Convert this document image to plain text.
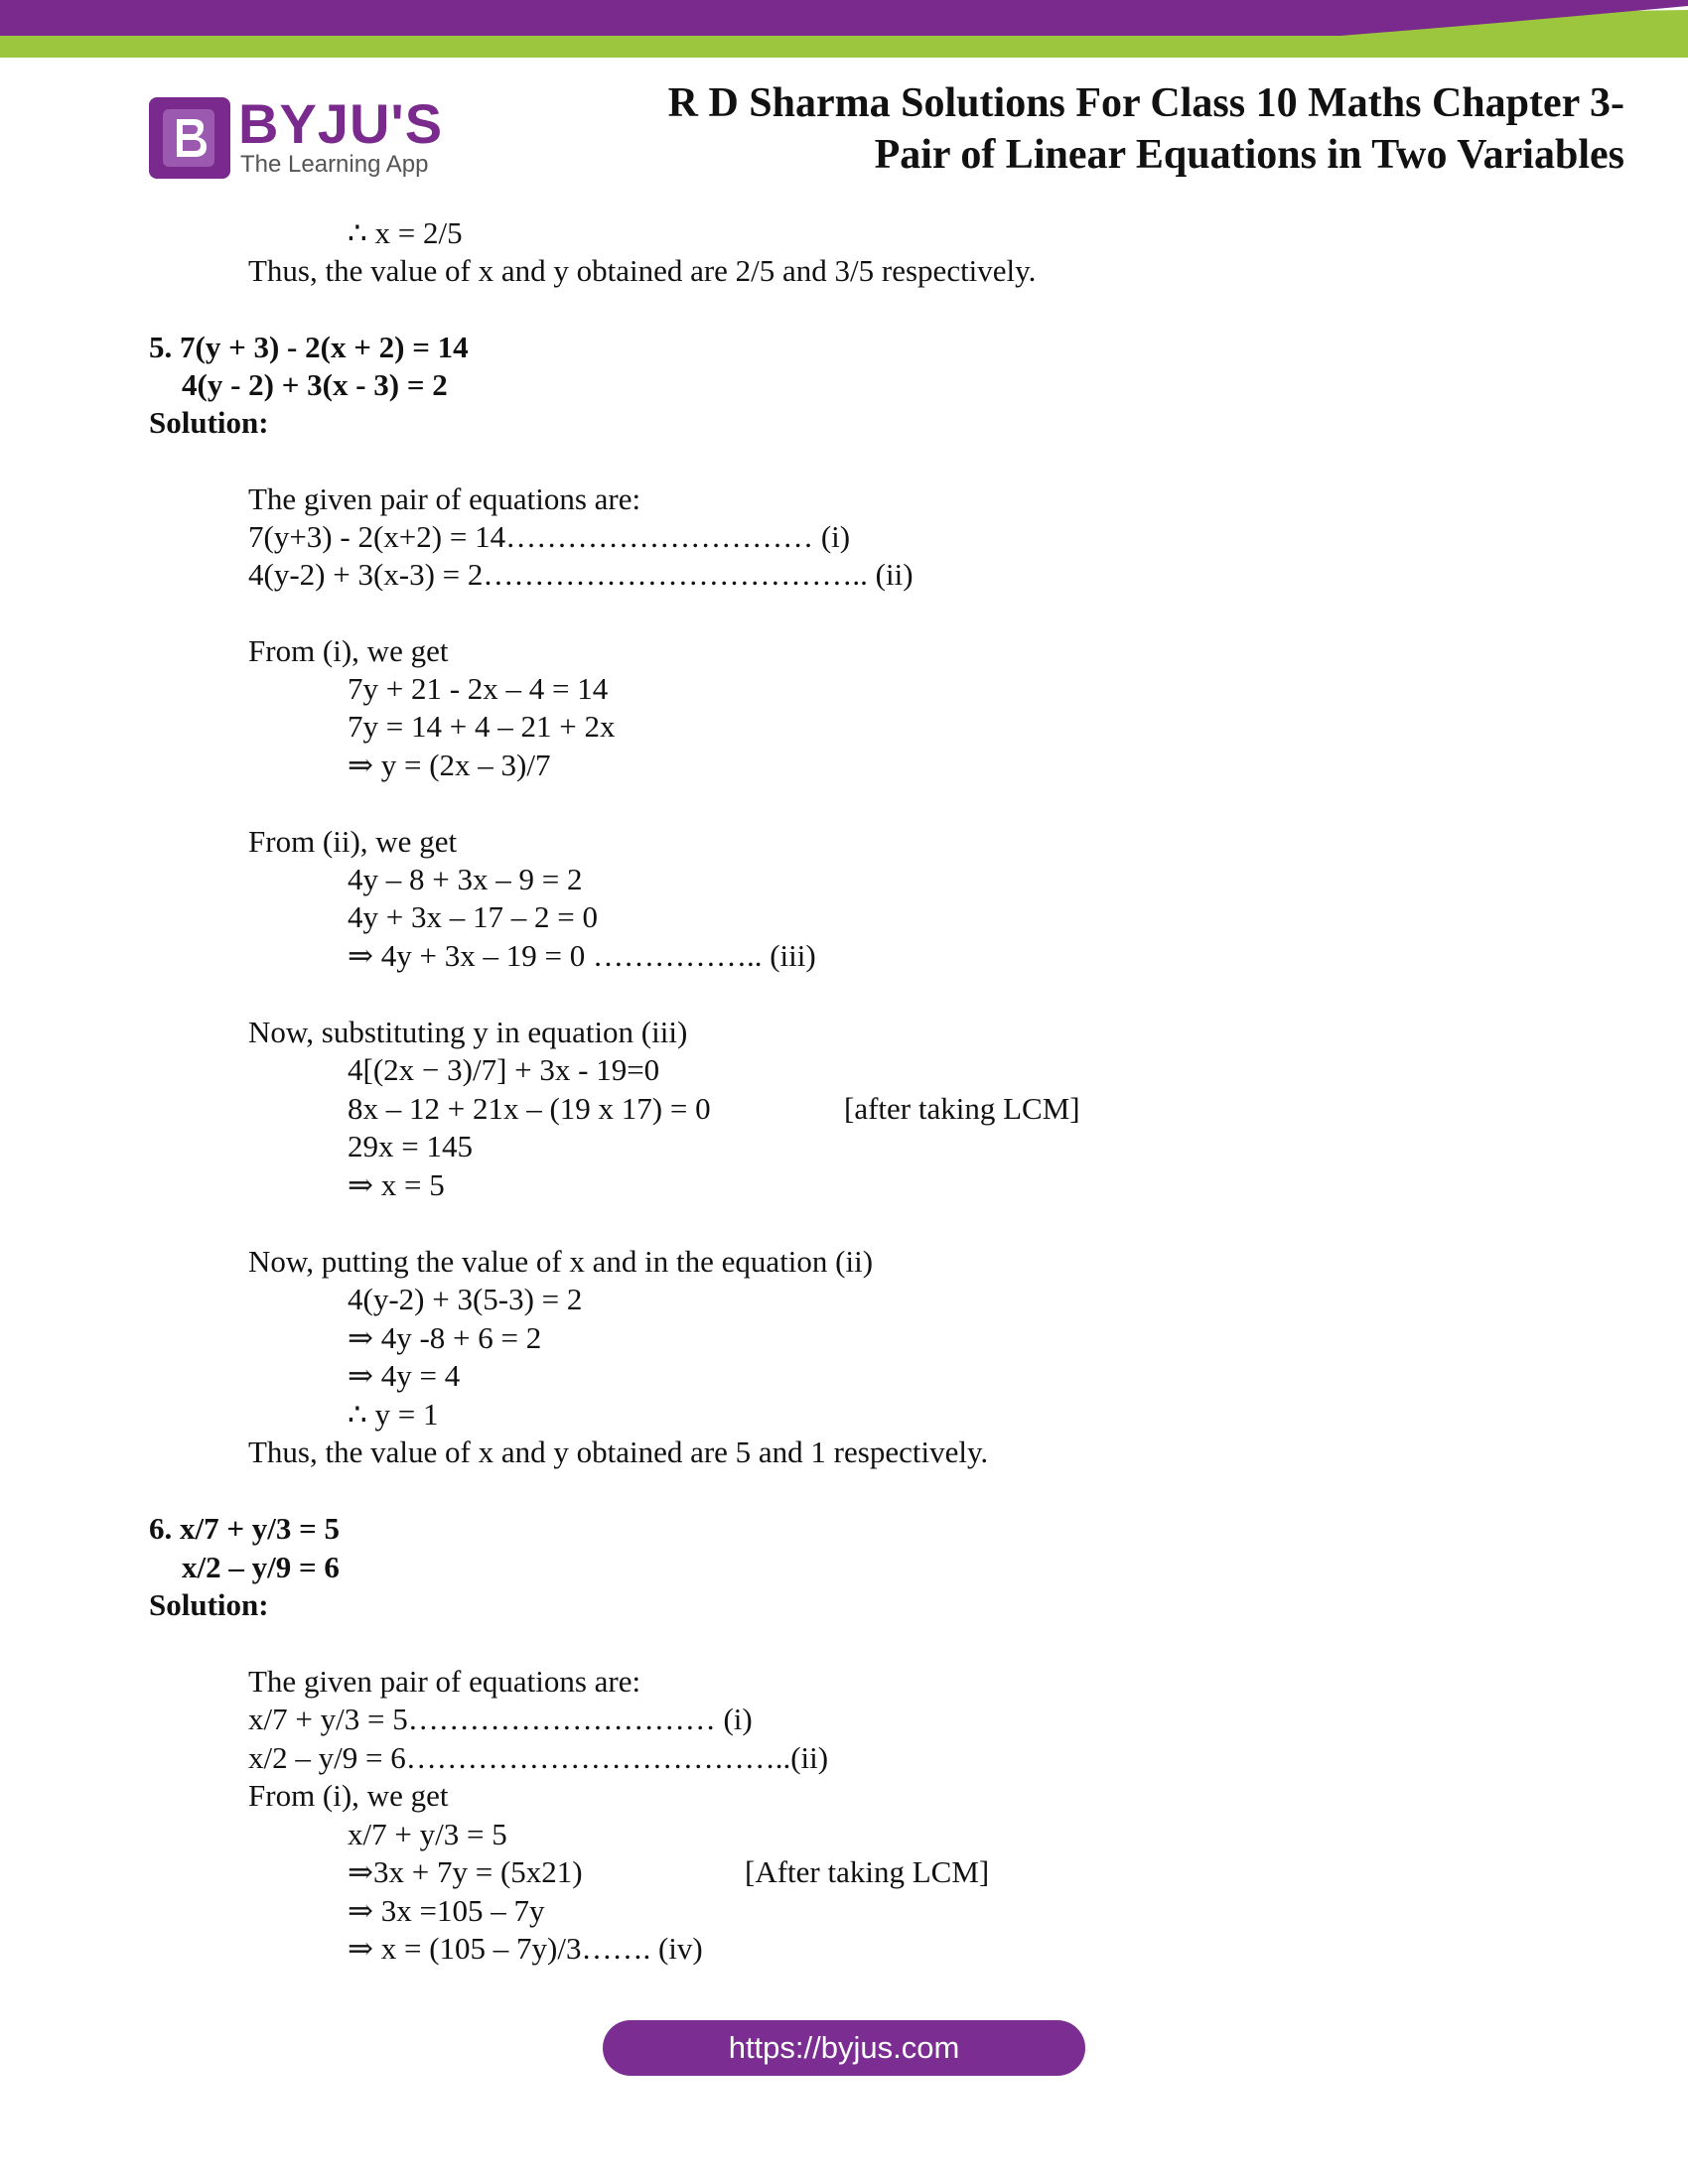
BYJU'S
The Learning App
R D Sharma Solutions For Class 10 Maths Chapter 3-
Pair of Linear Equations in Two Variables
∴ x = 2/5
Thus, the value of x and y obtained are 2/5 and 3/5 respectively.
5. 7(y + 3) - 2(x + 2) = 14
4(y - 2) + 3(x - 3) = 2
Solution:
The given pair of equations are:
7(y+3) - 2(x+2) = 14………………………… (i)
4(y-2) + 3(x-3) = 2……………………………….. (ii)
From (i), we get
7y + 21 - 2x – 4 = 14
7y = 14 + 4 – 21 + 2x
⇒ y = (2x – 3)/7
From (ii), we get
4y – 8 + 3x – 9 = 2
4y + 3x – 17 – 2 = 0
⇒ 4y + 3x – 19 = 0 …………….. (iii)
Now, substituting y in equation (iii)
4[(2x − 3)/7] + 3x - 19=0
8x – 12 + 21x – (19 x 17) = 0	[after taking LCM]
29x = 145
⇒ x = 5
Now, putting the value of x and in the equation (ii)
4(y-2) + 3(5-3) = 2
⇒ 4y -8 + 6 = 2
⇒ 4y = 4
∴ y = 1
Thus, the value of x and y obtained are 5 and 1 respectively.
6. x/7 + y/3 = 5
x/2 – y/9 = 6
Solution:
The given pair of equations are:
x/7 + y/3 = 5………………………… (i)
x/2 – y/9 = 6………………………………..(ii)
From (i), we get
x/7 + y/3 = 5
⇒3x + 7y = (5x21)	[After taking LCM]
⇒ 3x =105 – 7y
⇒ x = (105 – 7y)/3……. (iv)
https://byjus.com
